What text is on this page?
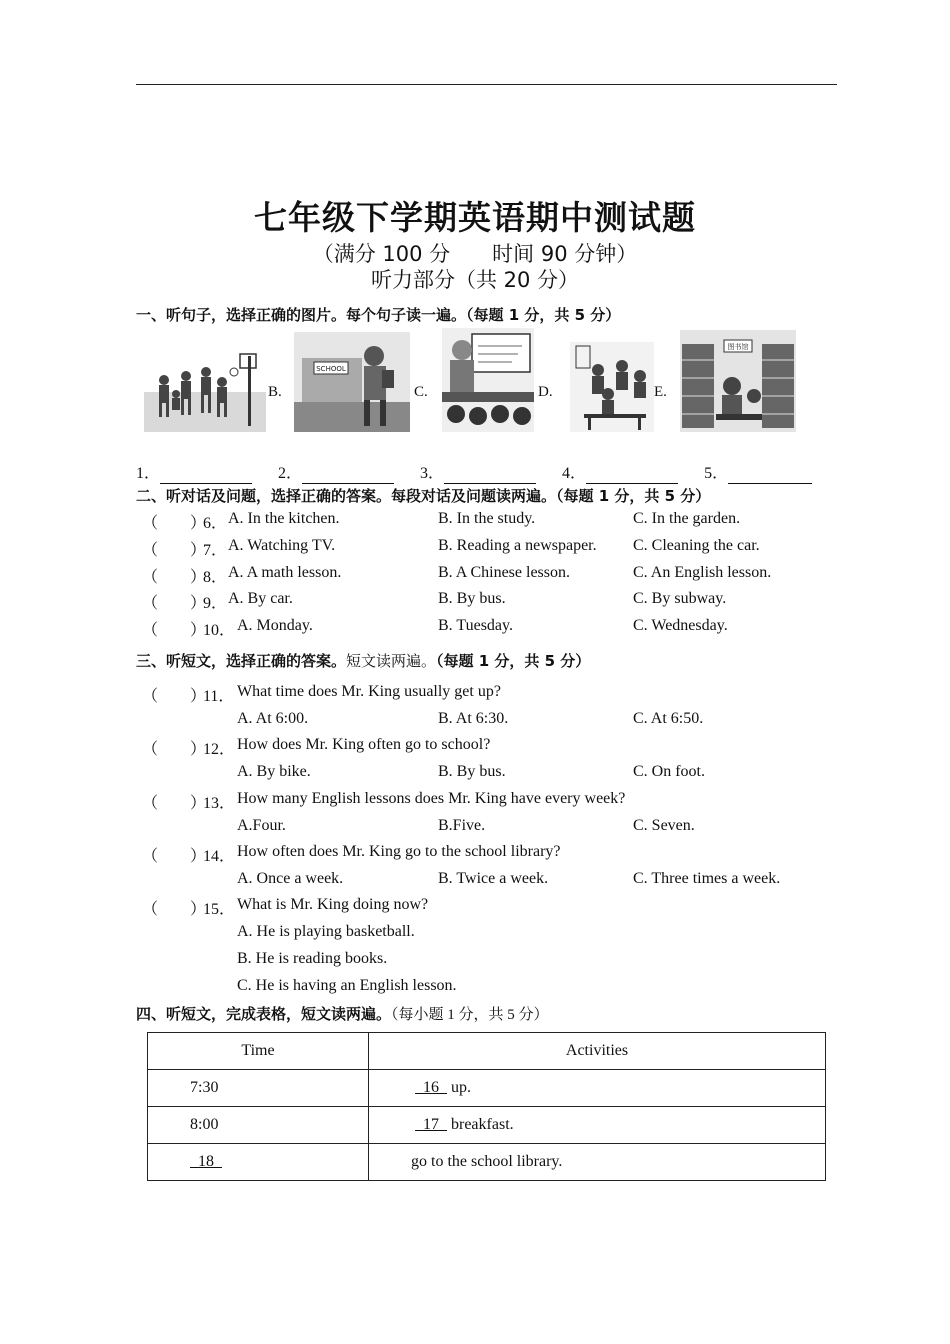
七年级下学期英语期中测试题
（满分 100 分　　时间 90 分钟）
听力部分（共 20 分）
一、听句子，选择正确的图片。每个句子读一遍。（每题 1 分，共 5 分）
B.
SCHOOL
C.	D.	E.
图书馆
1．	2．	3．	4．	5．
二、听对话及问题，选择正确的答案。每段对话及问题读两遍。（每题 1 分，共 5 分）
（　　）
6． A. In the kitchen.	B. In the study.	C. In the garden.
（　　）
7． A. Watching TV.	B. Reading a newspaper. C. Cleaning the car.
（　　）
8． A. A math lesson.	B. A Chinese lesson.	C. An English lesson.
（　　）
9． A. By car.	B. By bus.	C. By subway.
（　　）
10． A. Monday.	B. Tuesday.	C. Wednesday.
三、听短文，选择正确的答案。短文读两遍。（每题 1 分，共 5 分）
（　　）
11． What time does Mr. King usually get up?
A. At 6:00.	B. At 6:30.	C. At 6:50.
（　　）
12． How does Mr. King often go to school?
A. By bike.	B. By bus.	C. On foot.
（　　）
13． How many English lessons does Mr. King have every week?
A.Four.	B.Five.	C. Seven.
（　　）
14． How often does Mr. King go to the school library?
A. Once a week.	B. Twice a week.	C. Three times a week.
（　　）
15． What is Mr. King doing now?
A. He is playing basketball.
B. He is reading books.
C. He is having an English lesson.
四、听短文，完成表格，短文读两遍。（每小题 1 分，共 5 分）
Time	Activities
7:30	16 up.
8:00	17 breakfast.
18	go to the school library.
